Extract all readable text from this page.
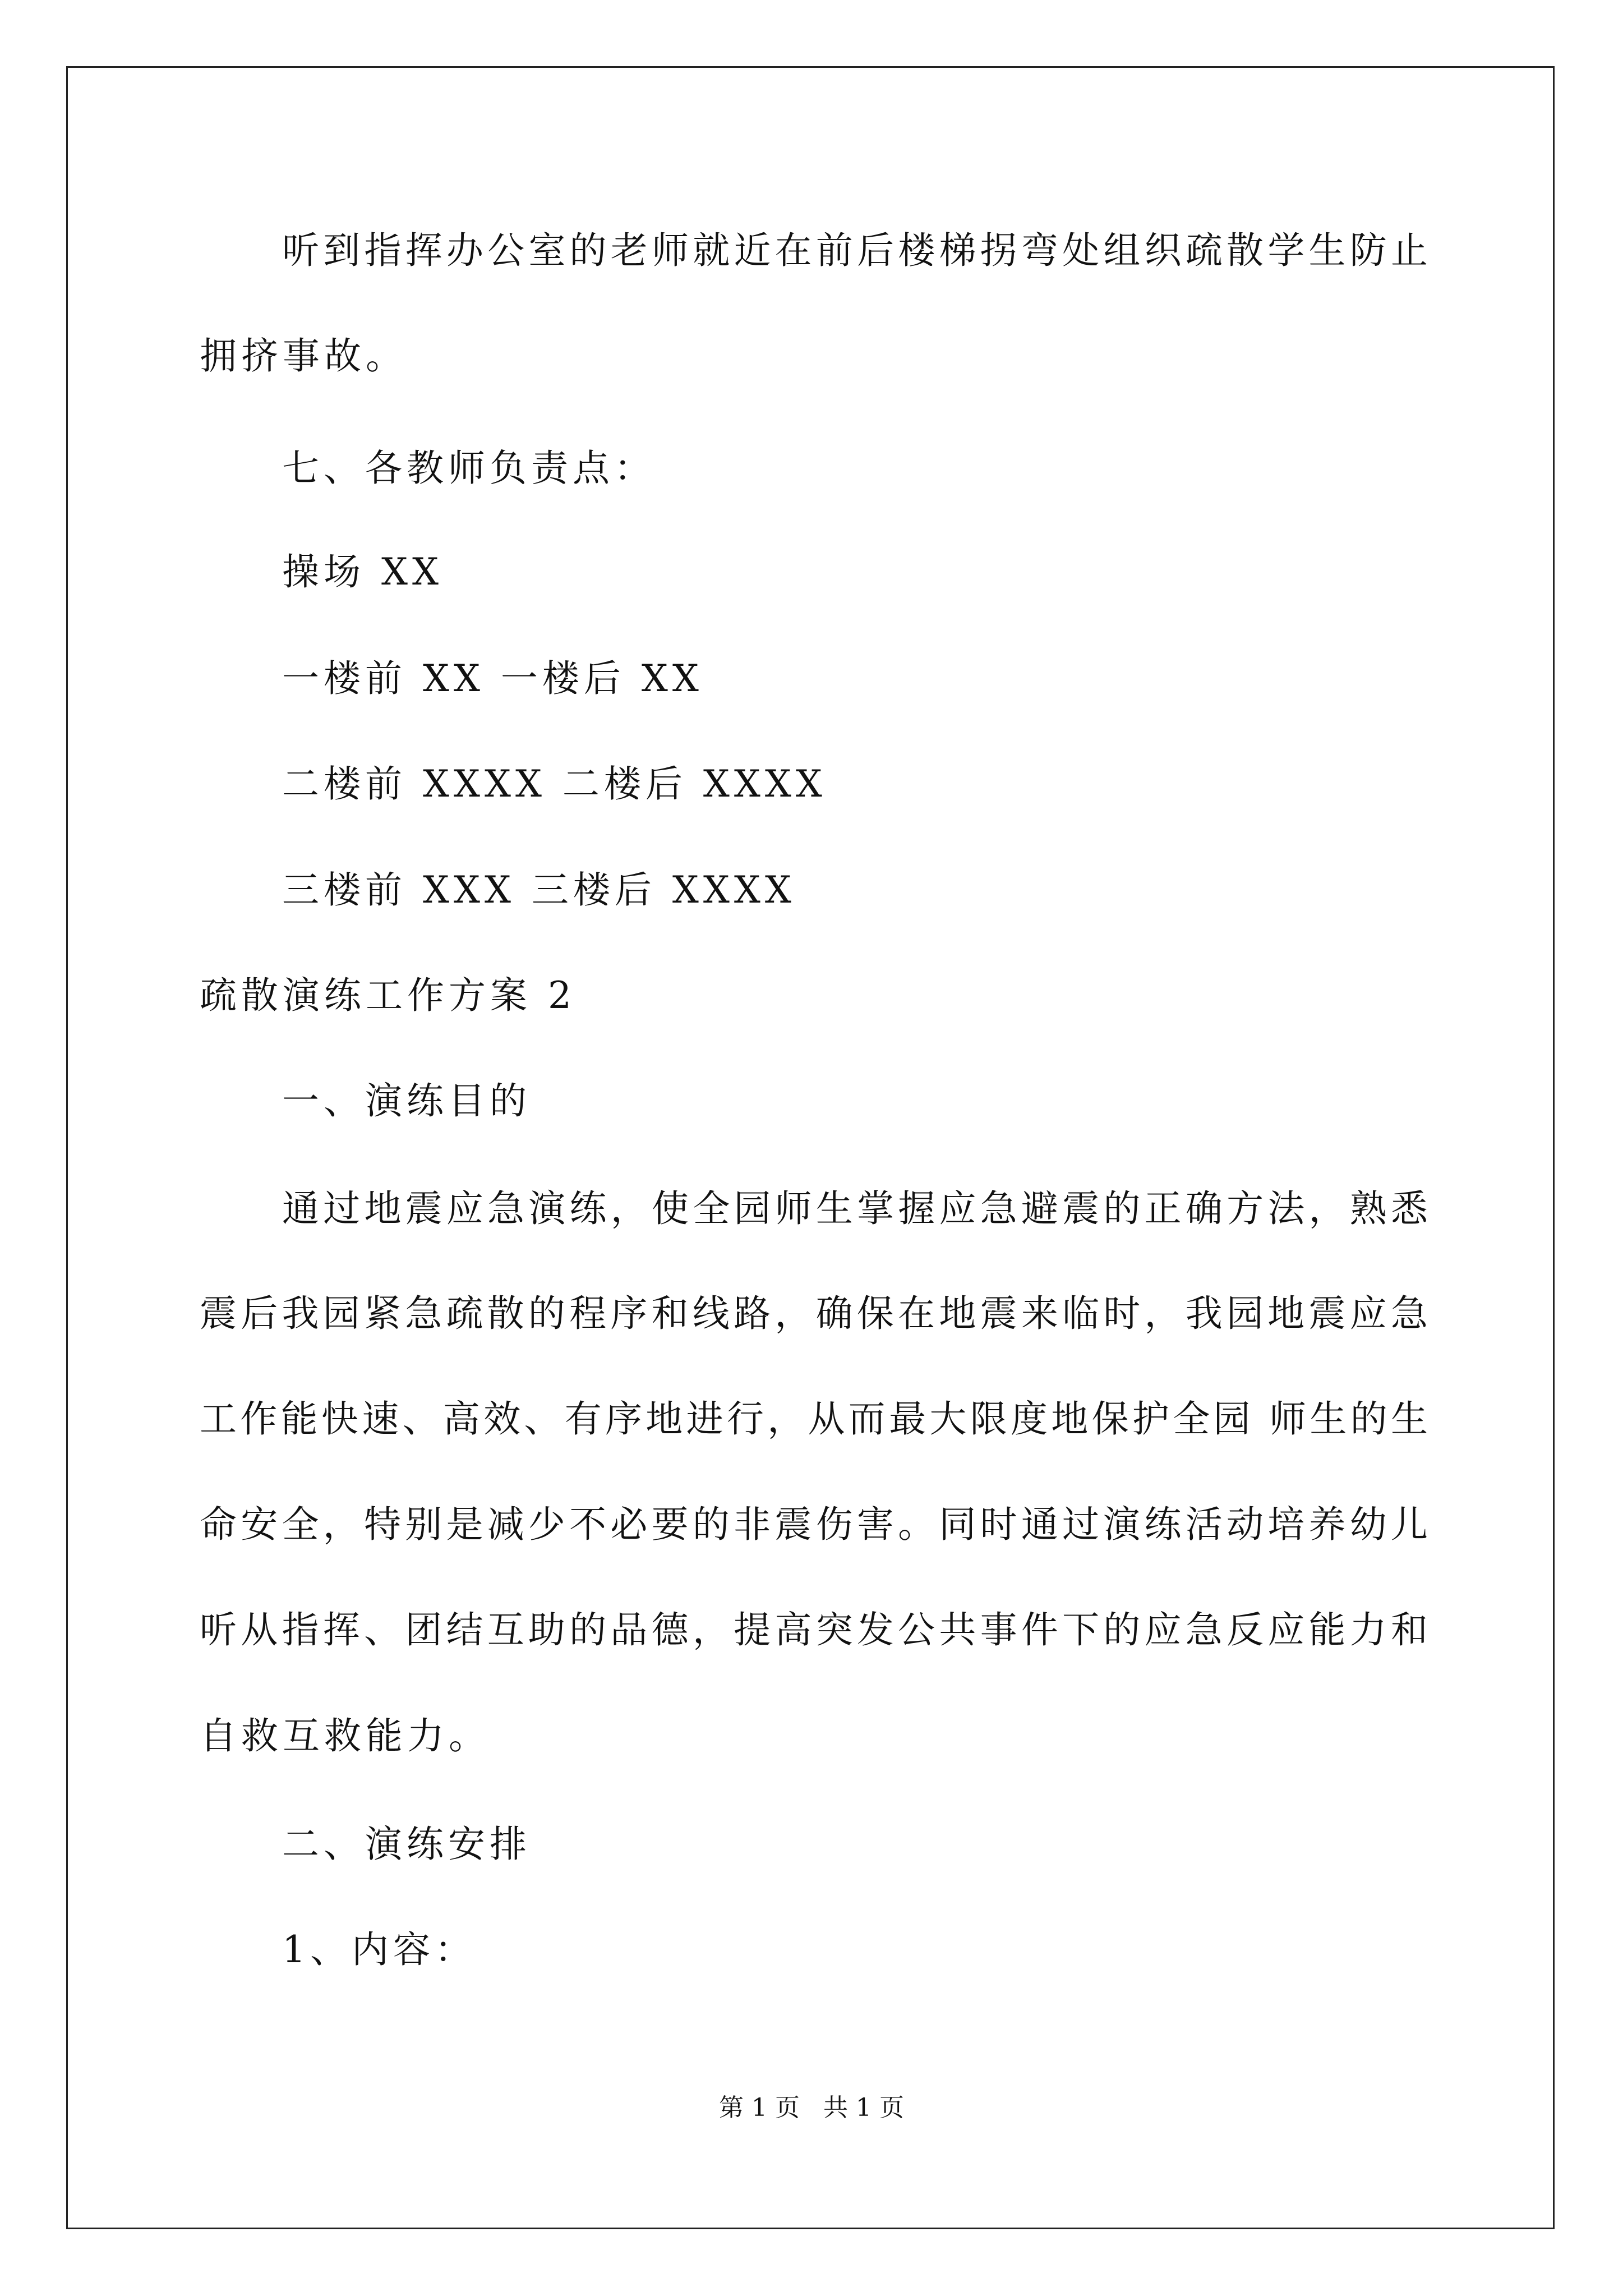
听到指挥办公室的老师就近在前后楼梯拐弯处组织疏散学生防止
拥挤事故。
七、各教师负责点：
操场 XX
一楼前 XX 一楼后 XX
二楼前 XXXX 二楼后 XXXX
三楼前 XXX 三楼后 XXXX
疏散演练工作方案 2
一、演练目的
通过地震应急演练，使全园师生掌握应急避震的正确方法，熟悉
震后我园紧急疏散的程序和线路，确保在地震来临时，我园地震应急
工作能快速、高效、有序地进行，从而最大限度地保护全园 师生的生
命安全，特别是减少不必要的非震伤害。同时通过演练活动培养幼儿
听从指挥、团结互助的品德，提高突发公共事件下的应急反应能力和
自救互救能力。
二、演练安排
1、内容：
第 1 页   共 1 页
